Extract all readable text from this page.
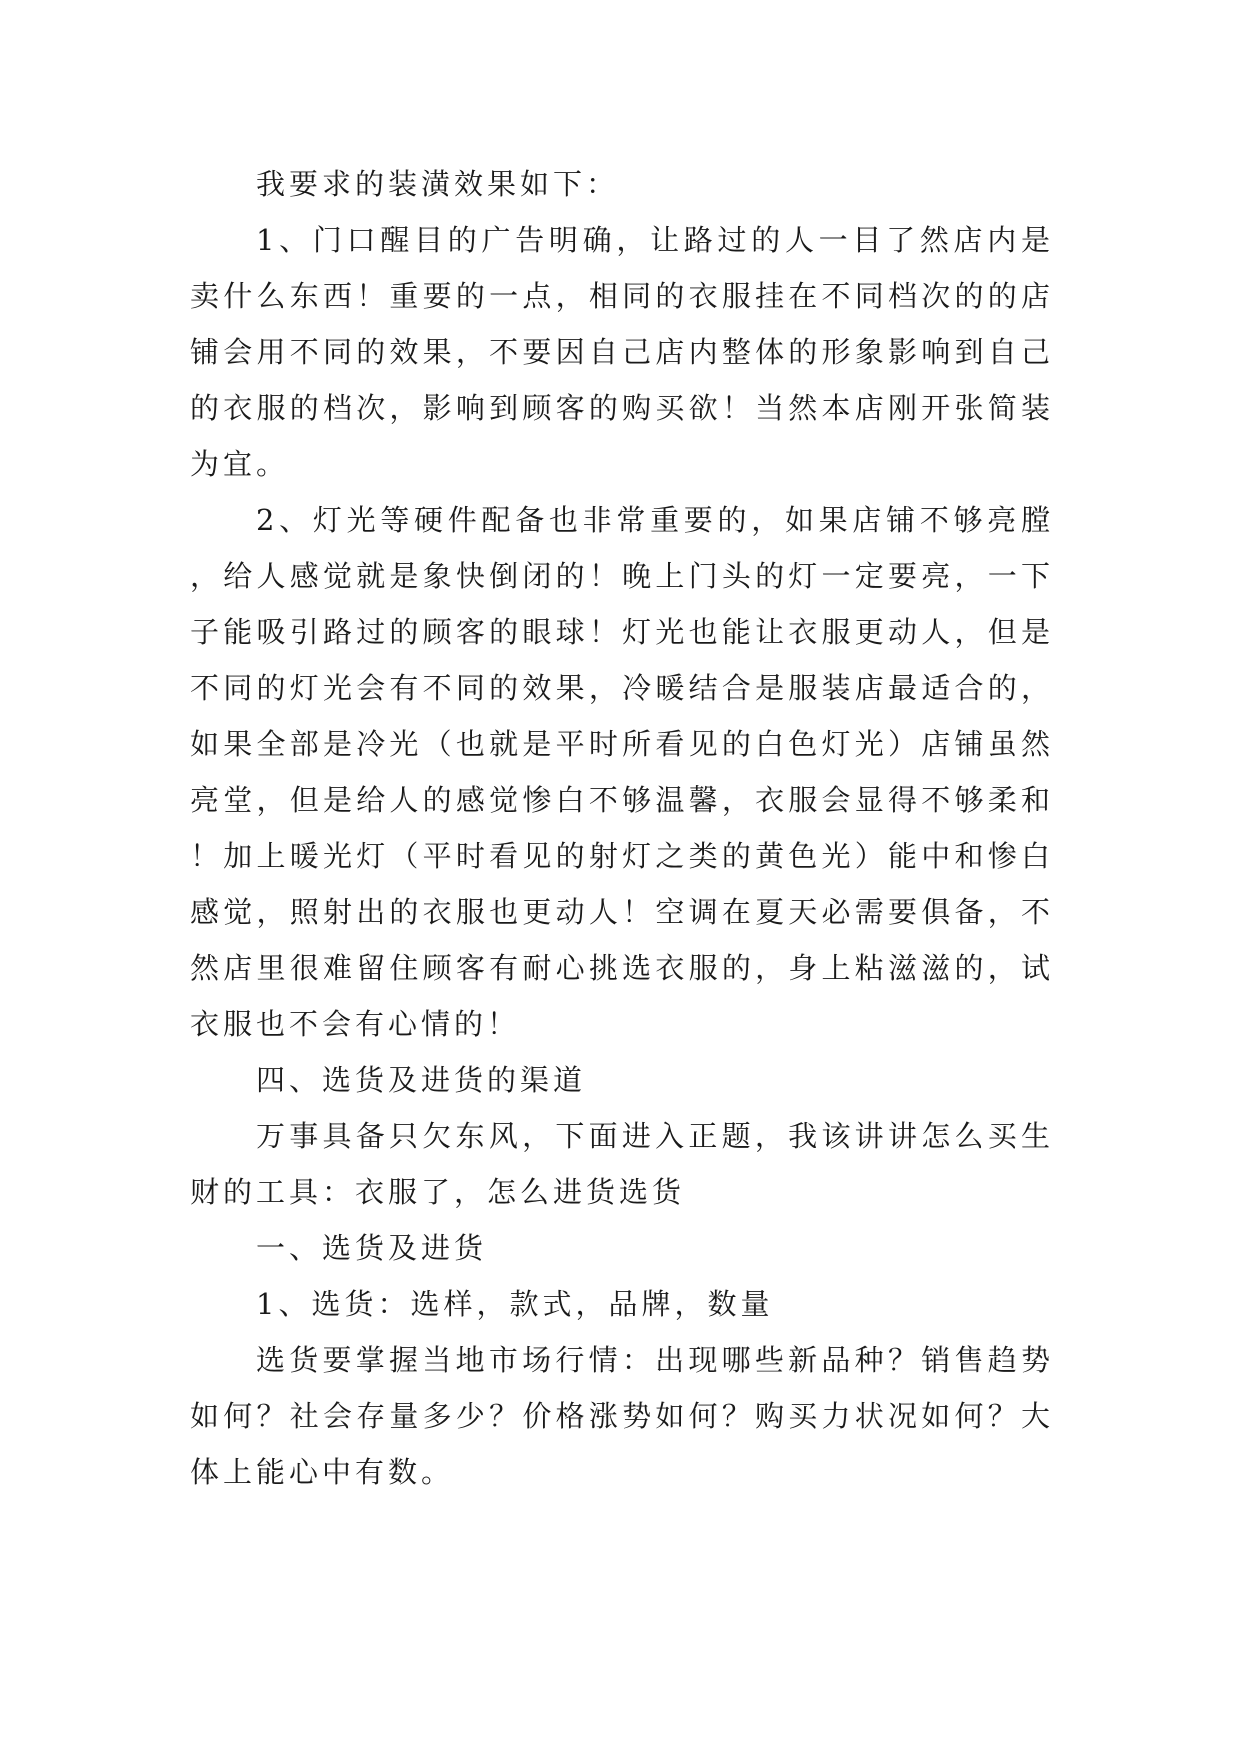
我要求的装潢效果如下：

1、门口醒目的广告明确，让路过的人一目了然店内是卖什么东西！重要的一点，相同的衣服挂在不同档次的的店铺会用不同的效果，不要因自己店内整体的形象影响到自己的衣服的档次，影响到顾客的购买欲！当然本店刚开张简装为宜。

2、灯光等硬件配备也非常重要的，如果店铺不够亮膛，给人感觉就是象快倒闭的！晚上门头的灯一定要亮，一下子能吸引路过的顾客的眼球！灯光也能让衣服更动人，但是不同的灯光会有不同的效果，冷暖结合是服装店最适合的，如果全部是冷光（也就是平时所看见的白色灯光）店铺虽然亮堂，但是给人的感觉惨白不够温馨，衣服会显得不够柔和！加上暖光灯（平时看见的射灯之类的黄色光）能中和惨白感觉，照射出的衣服也更动人！空调在夏天必需要俱备，不然店里很难留住顾客有耐心挑选衣服的，身上粘滋滋的，试衣服也不会有心情的！

四、选货及进货的渠道

万事具备只欠东风，下面进入正题，我该讲讲怎么买生财的工具：衣服了，怎么进货选货

一、选货及进货

1、选货：选样，款式，品牌，数量

选货要掌握当地市场行情：出现哪些新品种？销售趋势如何？社会存量多少？价格涨势如何？购买力状况如何？大体上能心中有数。
